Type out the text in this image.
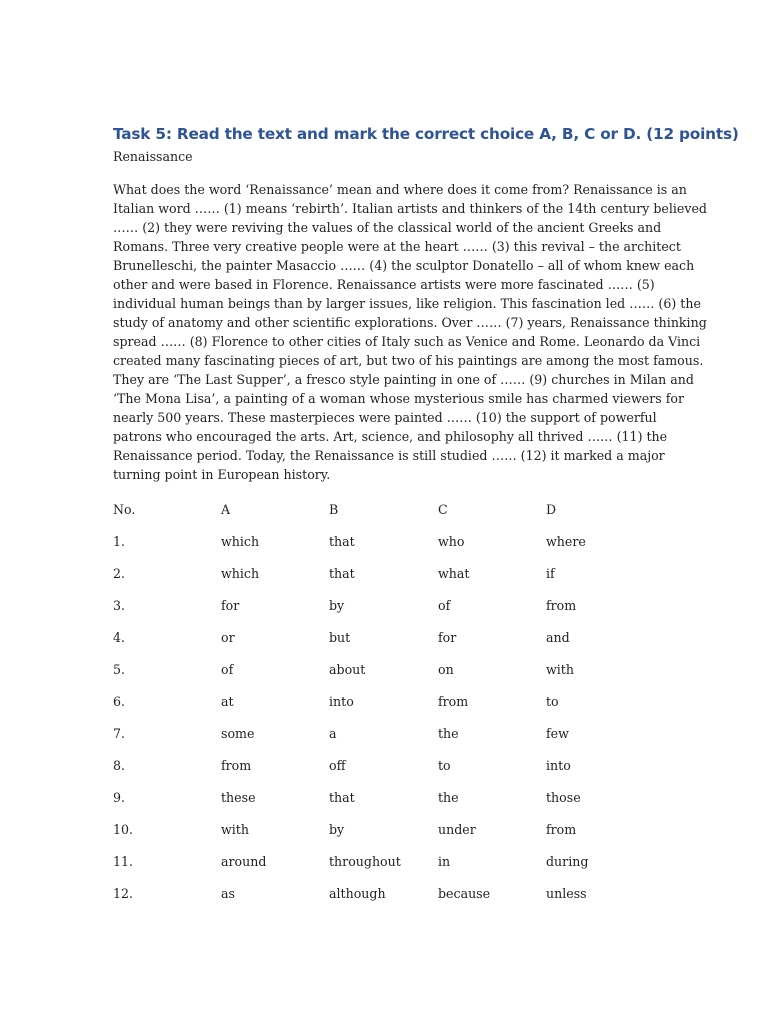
Task 5: Read the text and mark the correct choice A, B, C or D. (12 points)
Renaissance
What does the word ‘Renaissance’ mean and where does it come from? Renaissance is an
Italian word …… (1) means ‘rebirth’. Italian artists and thinkers of the 14th century believed
…… (2) they were reviving the values of the classical world of the ancient Greeks and
Romans. Three very creative people were at the heart …… (3) this revival – the architect
Brunelleschi, the painter Masaccio …… (4) the sculptor Donatello – all of whom knew each
other and were based in Florence. Renaissance artists were more fascinated …… (5)
individual human beings than by larger issues, like religion. This fascination led …… (6) the
study of anatomy and other scientific explorations. Over …… (7) years, Renaissance thinking
spread …… (8) Florence to other cities of Italy such as Venice and Rome. Leonardo da Vinci
created many fascinating pieces of art, but two of his paintings are among the most famous.
They are ‘The Last Supper’, a fresco style painting in one of …… (9) churches in Milan and
‘The Mona Lisa’, a painting of a woman whose mysterious smile has charmed viewers for
nearly 500 years. These masterpieces were painted …… (10) the support of powerful
patrons who encouraged the arts. Art, science, and philosophy all thrived …… (11) the
Renaissance period. Today, the Renaissance is still studied …… (12) it marked a major
turning point in European history.
No.	A	B	C	D
1.	which	that	who	where
2.	which	that	what	if
3.	for	by	of	from
4.	or	but	for	and
5.	of	about	on	with
6.	at	into	from	to
7.	some	a	the	few
8.	from	off	to	into
9.	these	that	the	those
10.	with	by	under	from
11.	around	throughout	in	during
12.	as	although	because	unless
